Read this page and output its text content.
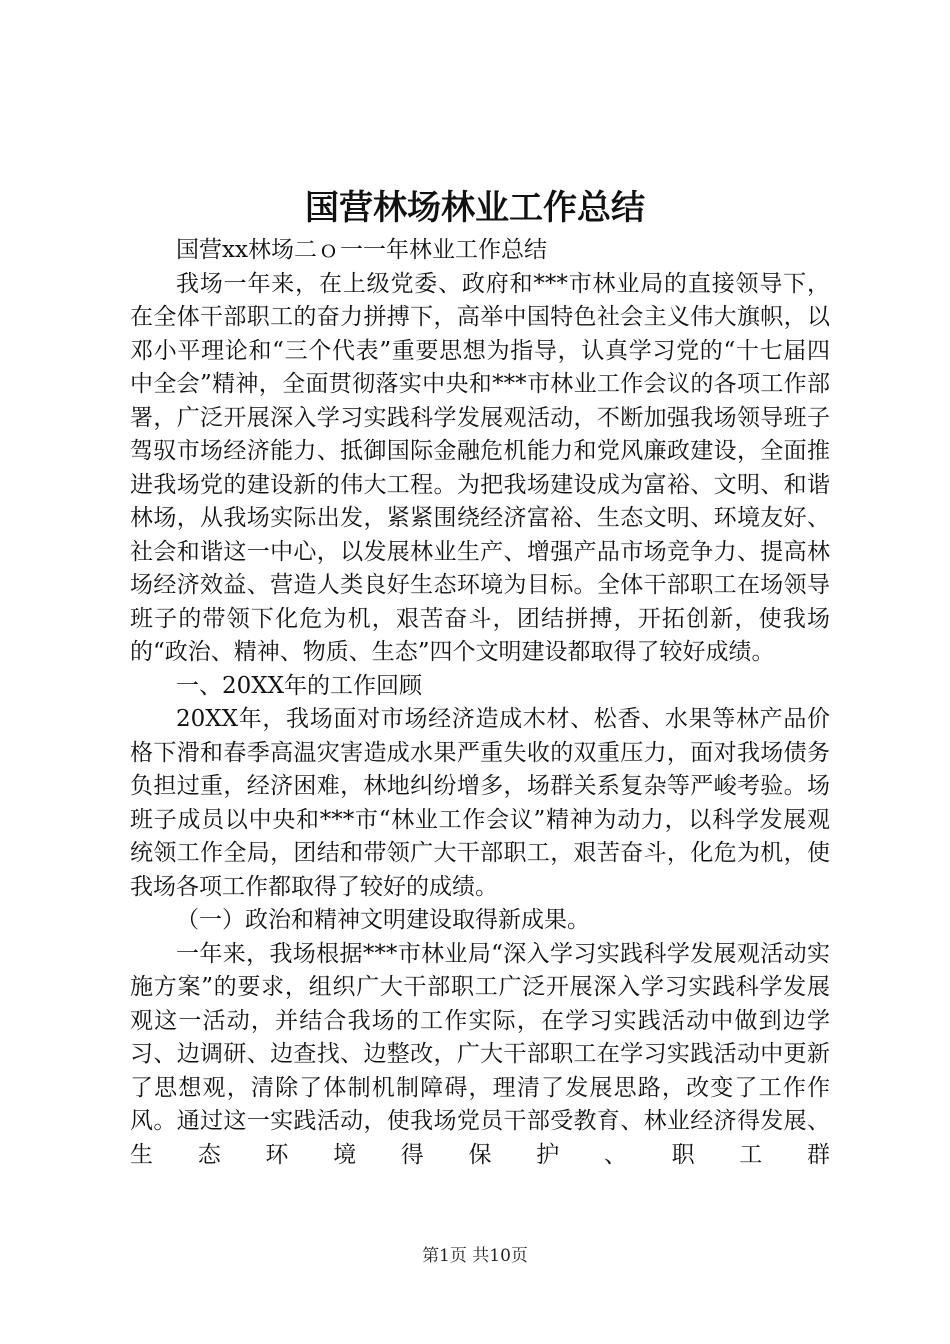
国营林场林业工作总结

国营xx林场二ｏ一一年林业工作总结

我场一年来，在上级党委、政府和***市林业局的直接领导下，在全体干部职工的奋力拼搏下，高举中国特色社会主义伟大旗帜，以邓小平理论和“三个代表”重要思想为指导，认真学习党的“十七届四中全会”精神，全面贯彻落实中央和***市林业工作会议的各项工作部署，广泛开展深入学习实践科学发展观活动，不断加强我场领导班子驾驭市场经济能力、抵御国际金融危机能力和党风廉政建设，全面推进我场党的建设新的伟大工程。为把我场建设成为富裕、文明、和谐林场，从我场实际出发，紧紧围绕经济富裕、生态文明、环境友好、社会和谐这一中心，以发展林业生产、增强产品市场竞争力、提高林场经济效益、营造人类良好生态环境为目标。全体干部职工在场领导班子的带领下化危为机，艰苦奋斗，团结拼搏，开拓创新，使我场的“政治、精神、物质、生态”四个文明建设都取得了较好成绩。

一、20XX年的工作回顾

20XX年，我场面对市场经济造成木材、松香、水果等林产品价格下滑和春季高温灾害造成水果严重失收的双重压力，面对我场债务负担过重，经济困难，林地纠纷增多，场群关系复杂等严峻考验。场班子成员以中央和***市“林业工作会议”精神为动力，以科学发展观统领工作全局，团结和带领广大干部职工，艰苦奋斗，化危为机，使我场各项工作都取得了较好的成绩。

（一）政治和精神文明建设取得新成果。

一年来，我场根据***市林业局“深入学习实践科学发展观活动实施方案”的要求，组织广大干部职工广泛开展深入学习实践科学发展观这一活动，并结合我场的工作实际，在学习实践活动中做到边学习、边调研、边查找、边整改，广大干部职工在学习实践活动中更新了思想观，清除了体制机制障碍，理清了发展思路，改变了工作作风。通过这一实践活动，使我场党员干部受教育、林业经济得发展、生态环境得保护、职工群

第1页 共10页
